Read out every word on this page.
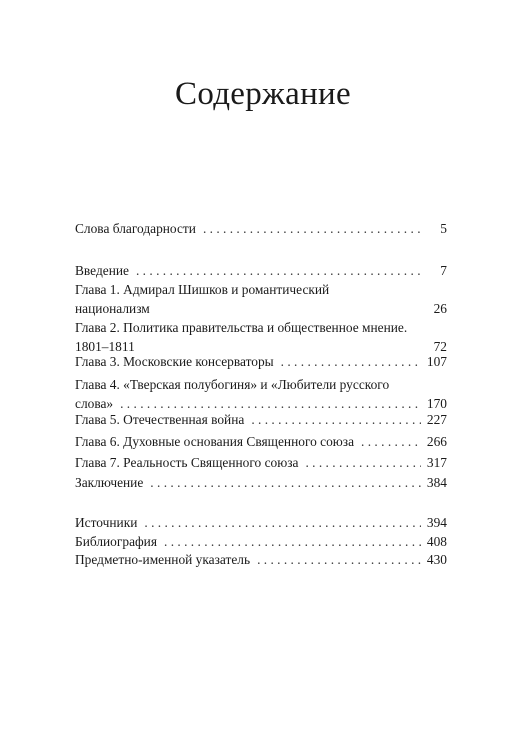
Содержание
Слова благодарности . . .	5
Введение . . .	7
Глава 1. Адмирал Шишков и романтический
национализм	26
Глава 2. Политика правительства и общественное мнение.
1801–1811	72
Глава 3. Московские консерваторы . . .	107
Глава 4. «Тверская полубогиня» и «Любители русского
слова» . . .	170
Глава 5. Отечественная война . . .	227
Глава 6. Духовные основания Священного союза . . .	266
Глава 7. Реальность Священного союза . . .	317
Заключение . . .	384
Источники . . .	394
Библиография . . .	408
Предметно-именной указатель . . .	430
